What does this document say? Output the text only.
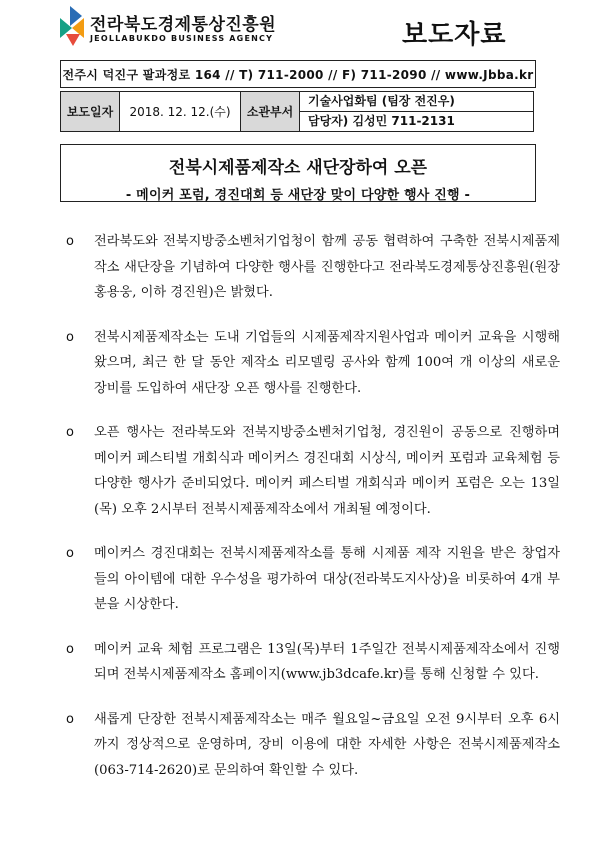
전라북도경제통상진흥원
JEOLLABUKDO BUSINESS AGENCY	보도자료
전주시 덕진구 팔과정로 164 // T) 711-2000 // F) 711-2090 // www.Jbba.kr
보도일자	2018. 12. 12.(수)	소관부서	기술사업화팀 (팀장 전진우)
담당자) 김성민 711-2131
전북시제품제작소 새단장하여 오픈
- 메이커 포럼, 경진대회 등 새단장 맞이 다양한 행사 진행 -
o 전라북도와 전북지방중소벤처기업청이 함께 공동 협력하여 구축한 전북시제품제작소 새단장을 기념하여 다양한 행사를 진행한다고 전라북도경제통상진흥원(원장 홍용웅, 이하 경진원)은 밝혔다.
o 전북시제품제작소는 도내 기업들의 시제품제작지원사업과 메이커 교육을 시행해 왔으며, 최근 한 달 동안 제작소 리모델링 공사와 함께 100여 개 이상의 새로운 장비를 도입하여 새단장 오픈 행사를 진행한다.
o 오픈 행사는 전라북도와 전북지방중소벤처기업청, 경진원이 공동으로 진행하며 메이커 페스티벌 개회식과 메이커스 경진대회 시상식, 메이커 포럼과 교육체험 등 다양한 행사가 준비되었다. 메이커 페스티벌 개회식과 메이커 포럼은 오는 13일(목) 오후 2시부터 전북시제품제작소에서 개최될 예정이다.
o 메이커스 경진대회는 전북시제품제작소를 통해 시제품 제작 지원을 받은 창업자들의 아이템에 대한 우수성을 평가하여 대상(전라북도지사상)을 비롯하여 4개 부분을 시상한다.
o 메이커 교육 체험 프로그램은 13일(목)부터 1주일간 전북시제품제작소에서 진행되며 전북시제품제작소 홈페이지(www.jb3dcafe.kr)를 통해 신청할 수 있다.
o 새롭게 단장한 전북시제품제작소는 매주 월요일~금요일 오전 9시부터 오후 6시까지 정상적으로 운영하며, 장비 이용에 대한 자세한 사항은 전북시제품제작소(063-714-2620)로 문의하여 확인할 수 있다.
